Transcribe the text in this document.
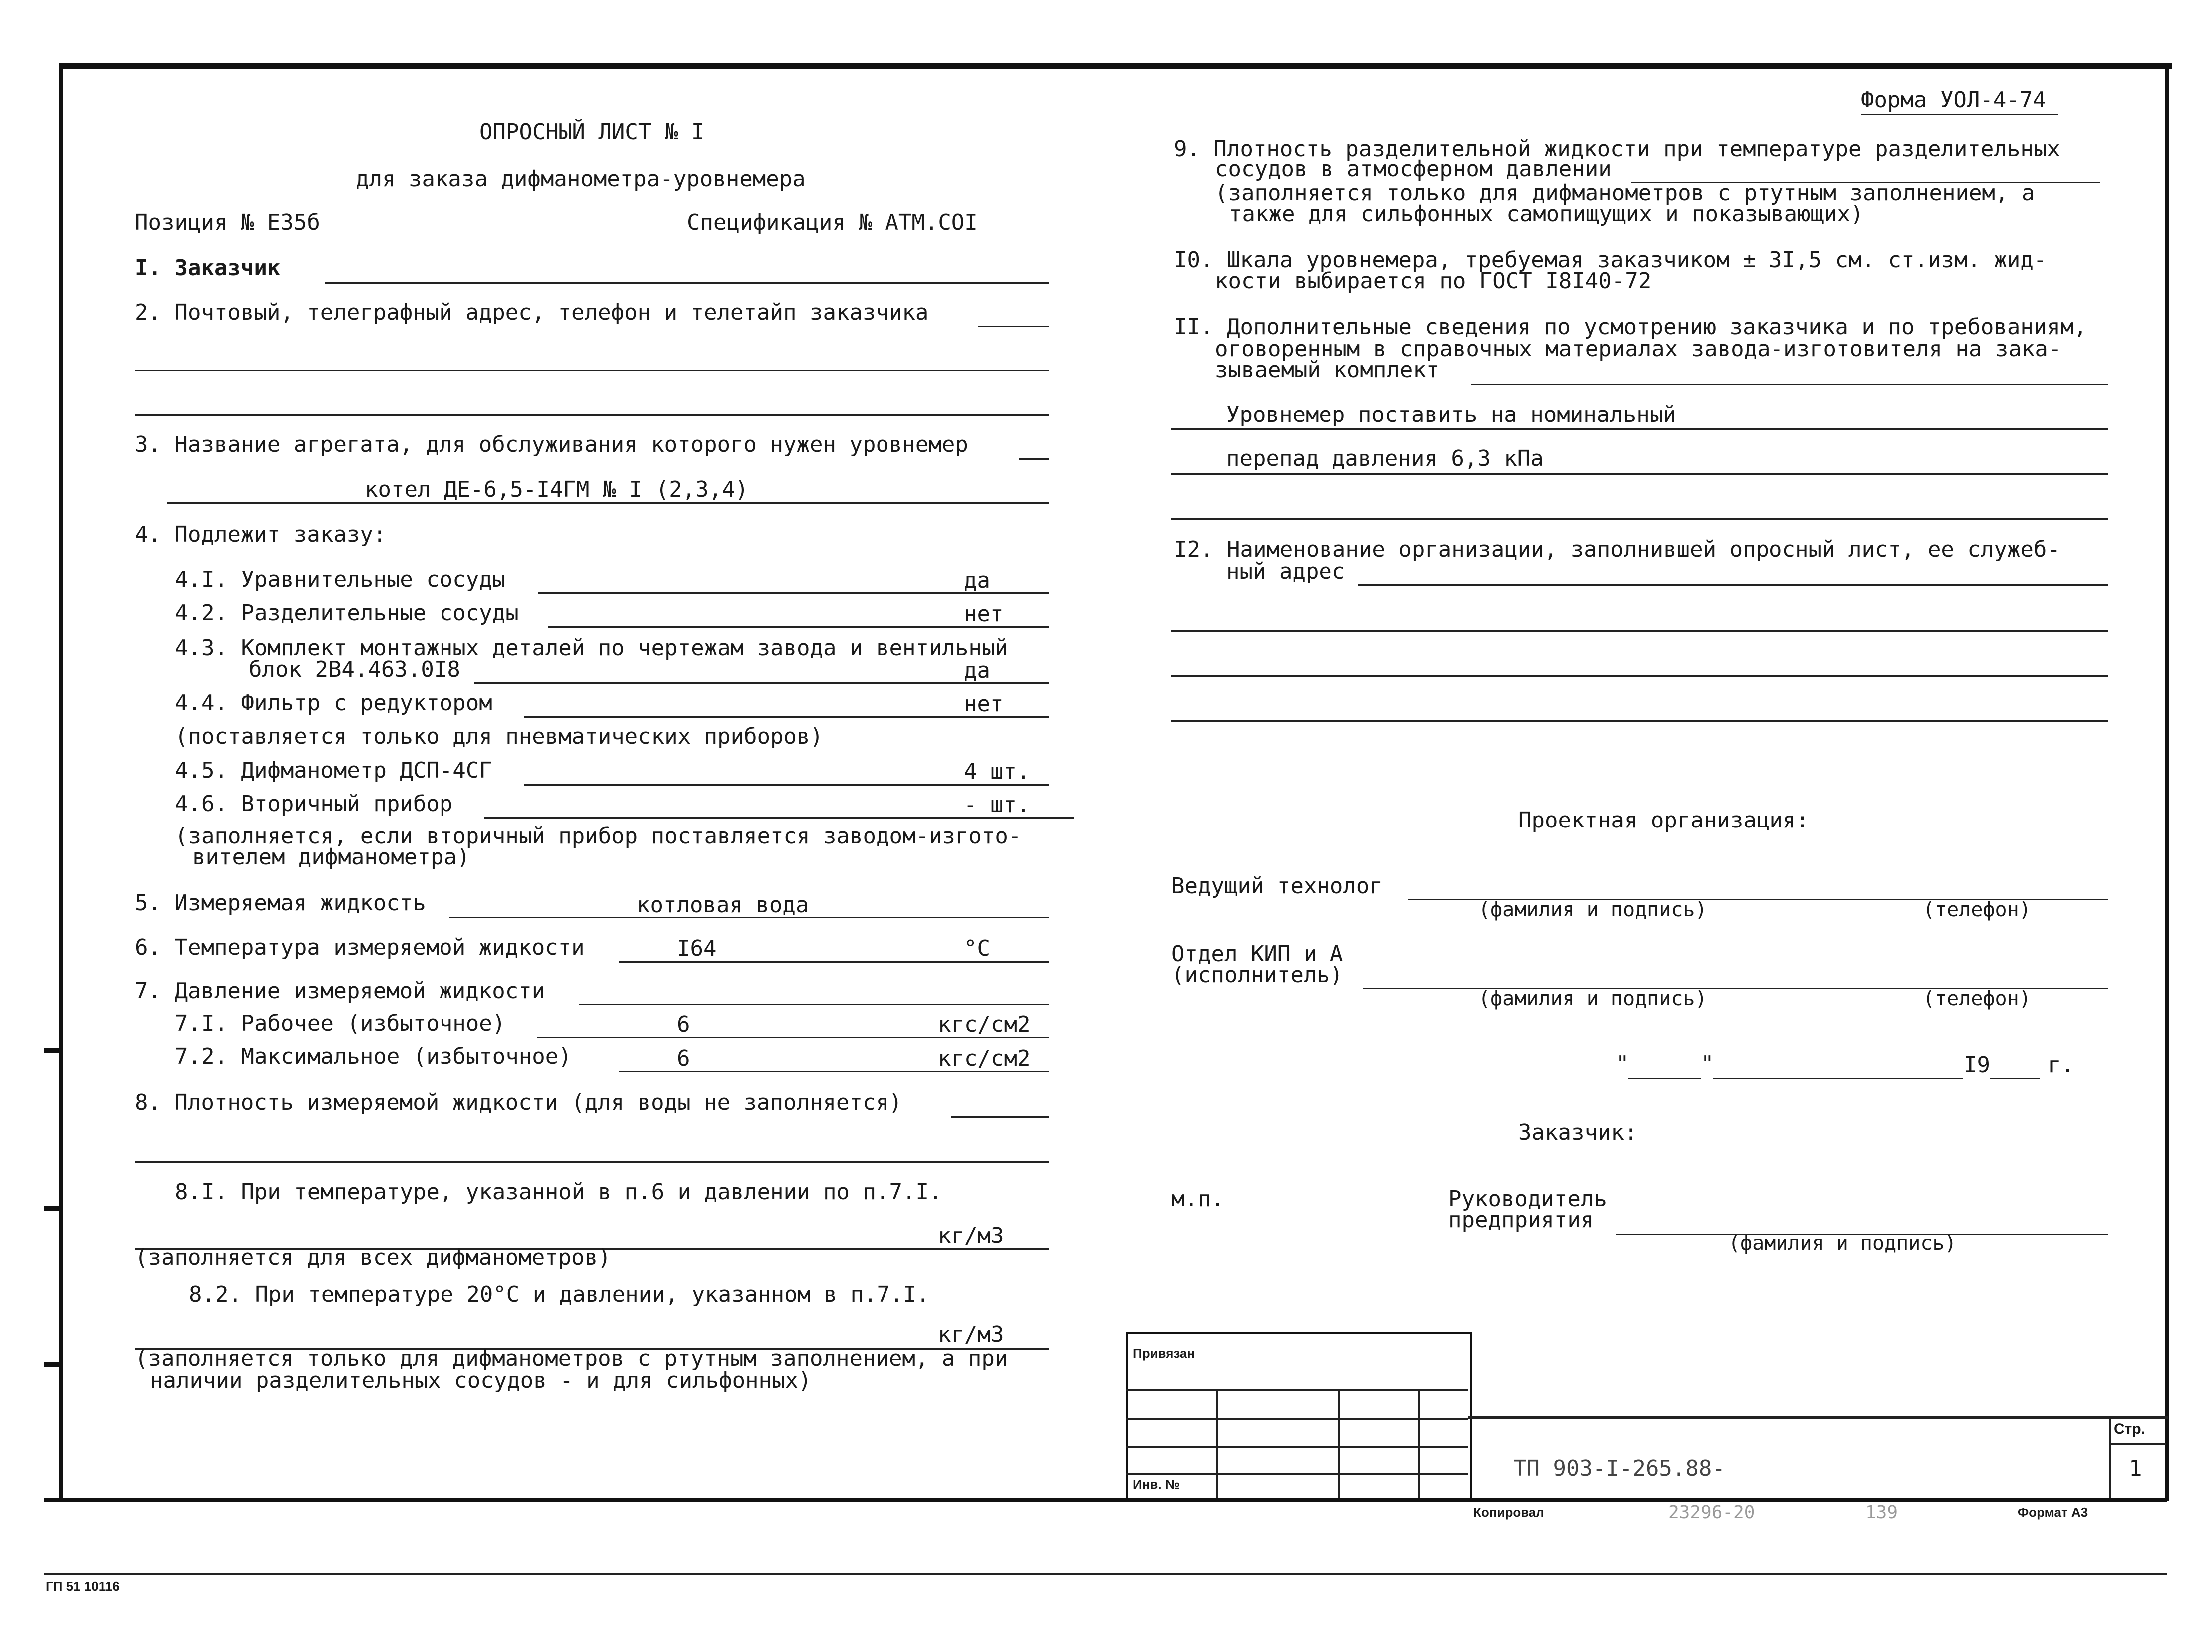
Форма УОЛ-4-74
ОПРОСНЫЙ ЛИСТ № I
для заказа дифманометра-уровнемера
Позиция № Е35б	Спецификация № АТМ.СОI
I. Заказчик
2. Почтовый, телеграфный адрес, телефон и телетайп заказчика
3. Название агрегата, для обслуживания которого нужен уровнемер
котел ДЕ-6,5-I4ГМ № I (2,3,4)
4. Подлежит заказу:
4.I. Уравнительные сосуды	да
4.2. Разделительные сосуды	нет
4.3. Комплект монтажных деталей по чертежам завода и вентильный
блок 2В4.463.0I8	да
4.4. Фильтр с редуктором	нет
(поставляется только для пневматических приборов)
4.5. Дифманометр ДСП-4СГ	4 шт.
4.6. Вторичный прибор	- шт.
(заполняется, если вторичный прибор поставляется заводом-изгото-
вителем дифманометра)
5. Измеряемая жидкость	котловая вода
6. Температура измеряемой жидкости	I64	°С
7. Давление измеряемой жидкости
7.I. Рабочее (избыточное)	6	кгс/см2
7.2. Максимальное (избыточное)	6	кгс/см2
8. Плотность измеряемой жидкости (для воды не заполняется)
8.I. При температуре, указанной в п.6 и давлении по п.7.I.
кг/м3
(заполняется для всех дифманометров)
8.2. При температуре 20°С и давлении, указанном в п.7.I.
кг/м3
(заполняется только для дифманометров с ртутным заполнением, а при
наличии разделительных сосудов - и для сильфонных)
9. Плотность разделительной жидкости при температуре разделительных
сосудов в атмосферном давлении
(заполняется только для дифманометров с ртутным заполнением, а
также для сильфонных самопищущих и показывающих)
I0. Шкала уровнемера, требуемая заказчиком ± 3I,5 см. ст.изм. жид-
кости выбирается по ГОСТ I8I40-72
II. Дополнительные сведения по усмотрению заказчика и по требованиям,
оговоренным в справочных материалах завода-изготовителя на зака-
зываемый комплект
Уровнемер поставить на номинальный
перепад давления 6,3 кПа
I2. Наименование организации, заполнившей опросный лист, ее служеб-
ный адрес
Проектная организация:
Ведущий технолог
(фамилия и подпись)	(телефон)
Отдел КИП и А
(исполнитель)
(фамилия и подпись)	(телефон)
"	"	I9	г.
Заказчик:
м.п.	Руководитель
предприятия
(фамилия и подпись)
Привязан
Инв. №
ТП 903-I-265.88-
Стр.
1
Копировал	23296-20	139	Формат А3
ГП 51 10116
